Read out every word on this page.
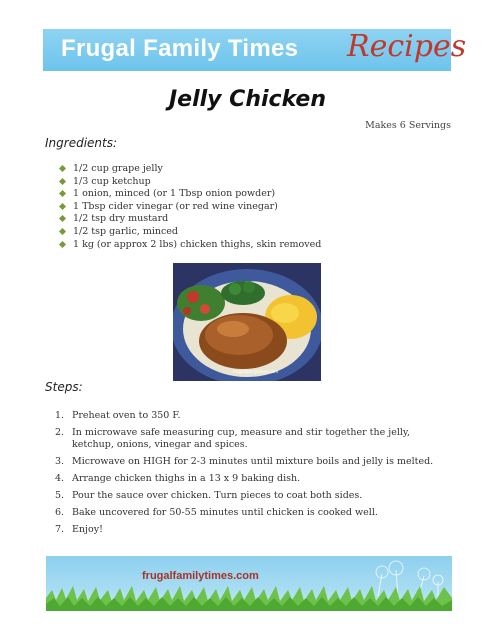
Frugal Family Times Recipes
Jelly Chicken
Makes 6 Servings
Ingredients:
1/2 cup grape jelly
1/3 cup ketchup
1 onion, minced (or 1 Tbsp onion powder)
1 Tbsp cider vinegar (or red wine vinegar)
1/2 tsp dry mustard
1/2 tsp garlic, minced
1 kg (or approx 2 lbs) chicken thighs, skin removed
frugalfamilytimes.com
Steps:
1. Preheat oven to 350 F.
2. In microwave safe measuring cup, measure and stir together the jelly, ketchup, onions, vinegar and spices.
3. Microwave on HIGH for 2-3 minutes until mixture boils and jelly is melted.
4. Arrange chicken thighs in a 13 x 9 baking dish.
5. Pour the sauce over chicken. Turn pieces to coat both sides.
6. Bake uncovered for 50-55 minutes until chicken is cooked well.
7. Enjoy!
frugalfamilytimes.com
